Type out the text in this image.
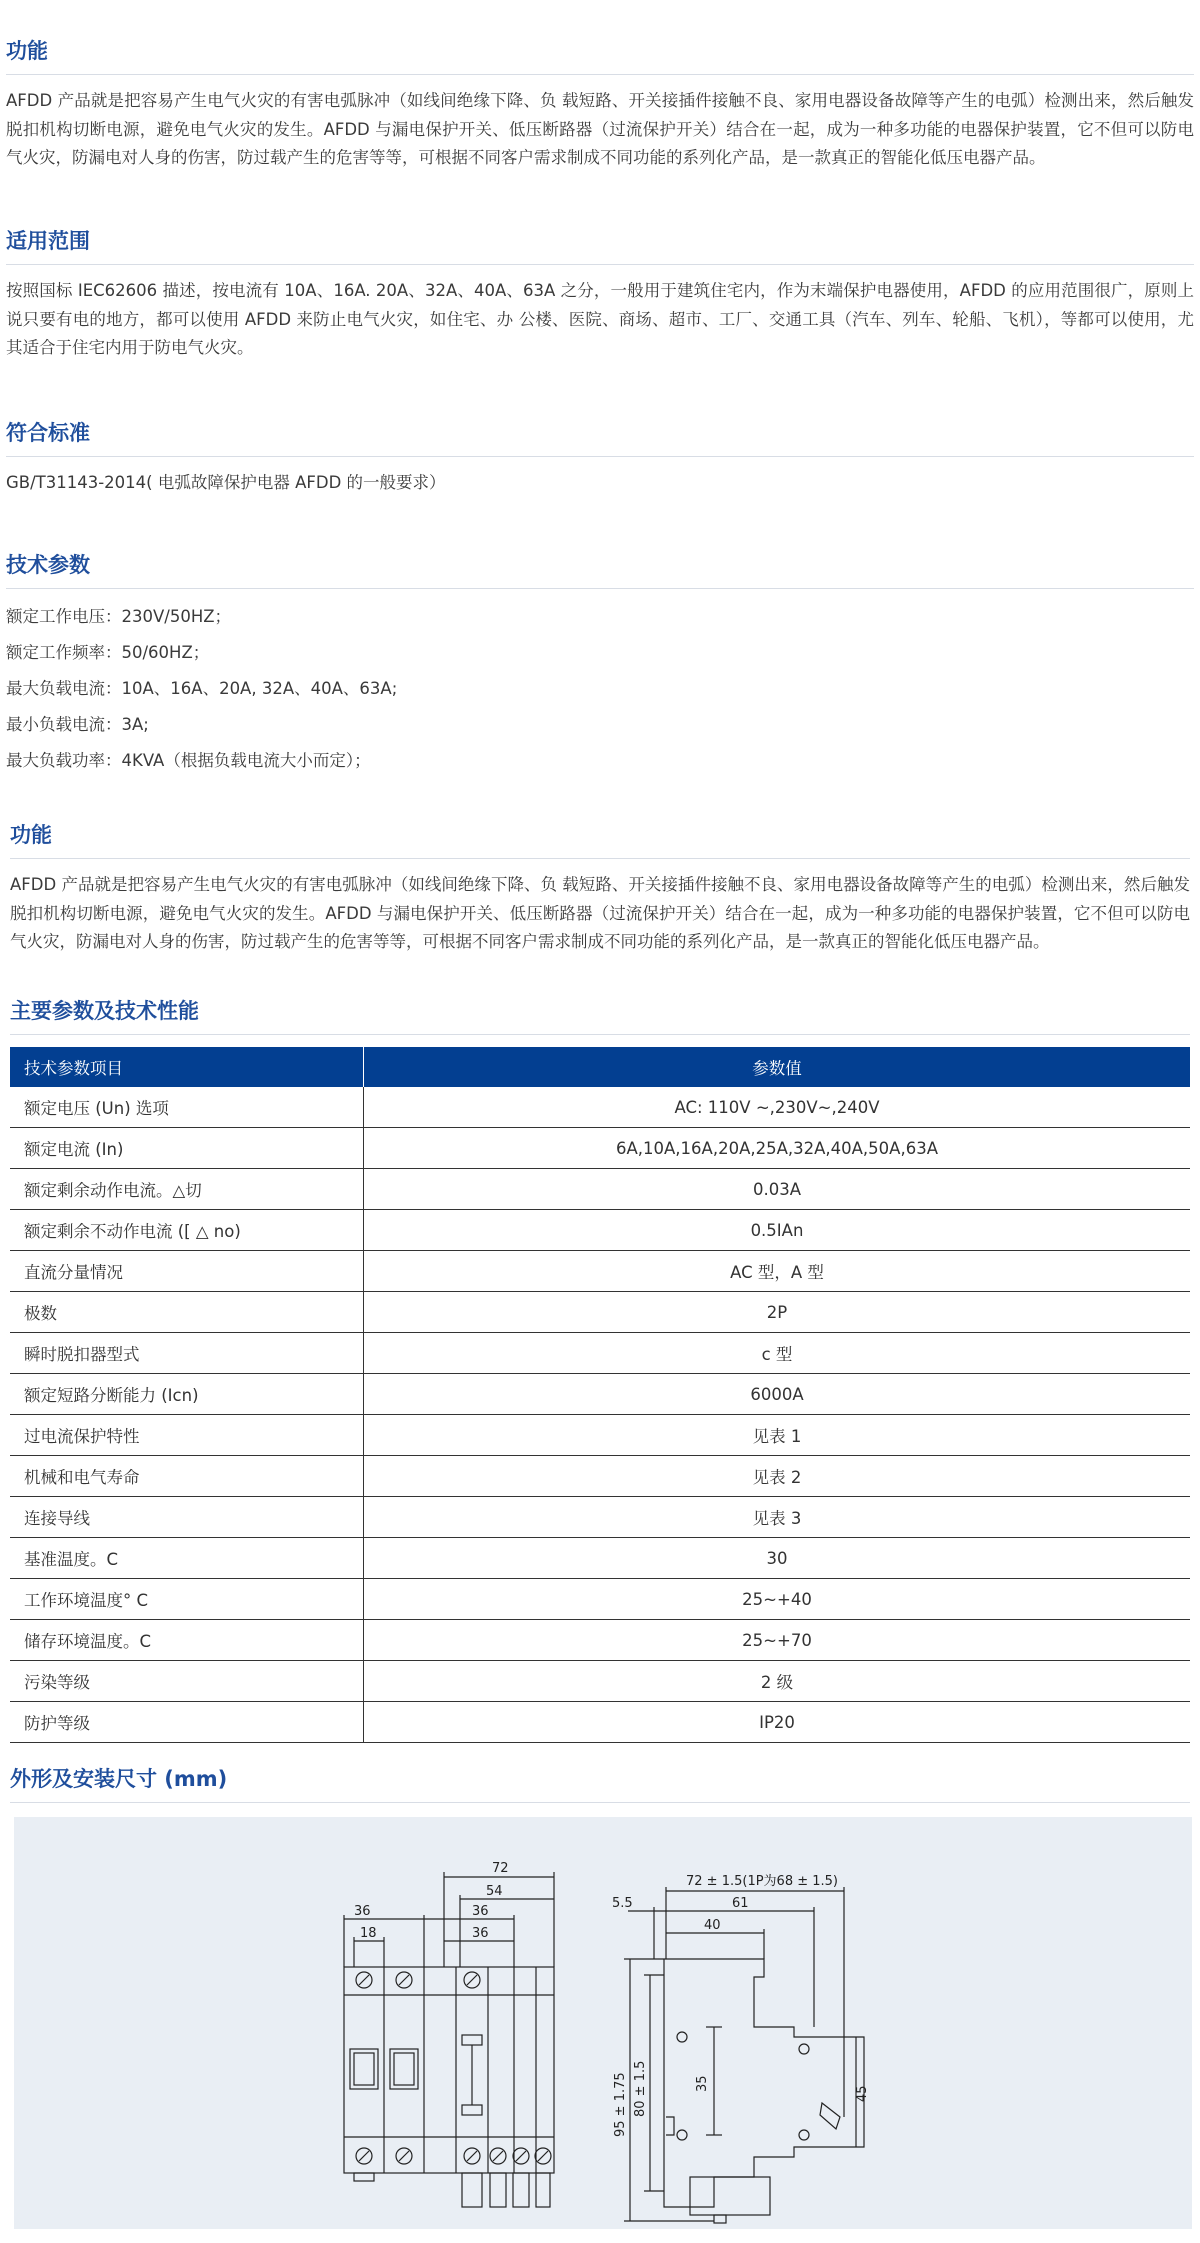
功能
AFDD 产品就是把容易产生电气火灾的有害电弧脉冲（如线间绝缘下降、负 载短路、开关接插件接触不良、家用电器设备故障等产生的电弧）检测出来，然后触发脱扣机构切断电源，避免电气火灾的发生。AFDD 与漏电保护开关、低压断路器（过流保护开关）结合在一起，成为一种多功能的电器保护装置，它不但可以防电气火灾，防漏电对人身的伤害，防过载产生的危害等等，可根据不同客户需求制成不同功能的系列化产品，是一款真正的智能化低压电器产品。
适用范围
按照国标 IEC62606 描述，按电流有 10A、16A. 20A、32A、40A、63A 之分，一般用于建筑住宅内，作为末端保护电器使用，AFDD 的应用范围很广，原则上说只要有电的地方，都可以使用 AFDD 来防止电气火灾，如住宅、办 公楼、医院、商场、超市、工厂、交通工具（汽车、列车、轮船、飞机），等都可以使用，尤其适合于住宅内用于防电气火灾。
符合标准
GB/T31143-2014( 电弧故障保护电器 AFDD 的一般要求）
技术参数
额定工作电压：230V/50HZ；
额定工作频率：50/60HZ；
最大负载电流：10A、16A、20A, 32A、40A、63A;
最小负载电流：3A;
最大负载功率：4KVA（根据负载电流大小而定）；
功能
AFDD 产品就是把容易产生电气火灾的有害电弧脉冲（如线间绝缘下降、负 载短路、开关接插件接触不良、家用电器设备故障等产生的电弧）检测出来，然后触发脱扣机构切断电源，避免电气火灾的发生。AFDD 与漏电保护开关、低压断路器（过流保护开关）结合在一起，成为一种多功能的电器保护装置，它不但可以防电气火灾，防漏电对人身的伤害，防过载产生的危害等等，可根据不同客户需求制成不同功能的系列化产品，是一款真正的智能化低压电器产品。
主要参数及技术性能
技术参数项目	参数值
额定电压 (Un) 选项	AC: 110V ~,230V~,240V
额定电流 (In)	6A,10A,16A,20A,25A,32A,40A,50A,63A
额定剩余动作电流。△切	0.03A
额定剩余不动作电流 ([ △ no)	0.5IAn
直流分量情况	AC 型，A 型
极数	2P
瞬时脱扣器型式	c 型
额定短路分断能力 (Icn)	6000A
过电流保护特性	见表 1
机械和电气寿命	见表 2
连接导线	见表 3
基准温度。C	30
工作环境温度° C	25~+40
储存环境温度。C	25~+70
污染等级	2 级
防护等级	IP20
外形及安装尺寸 (mm)
72
54
36	36
36
18
72 ± 1.5(1P为68 ± 1.5)
5.5	61
40
35
45
80 ± 1.5
95 ± 1.75
